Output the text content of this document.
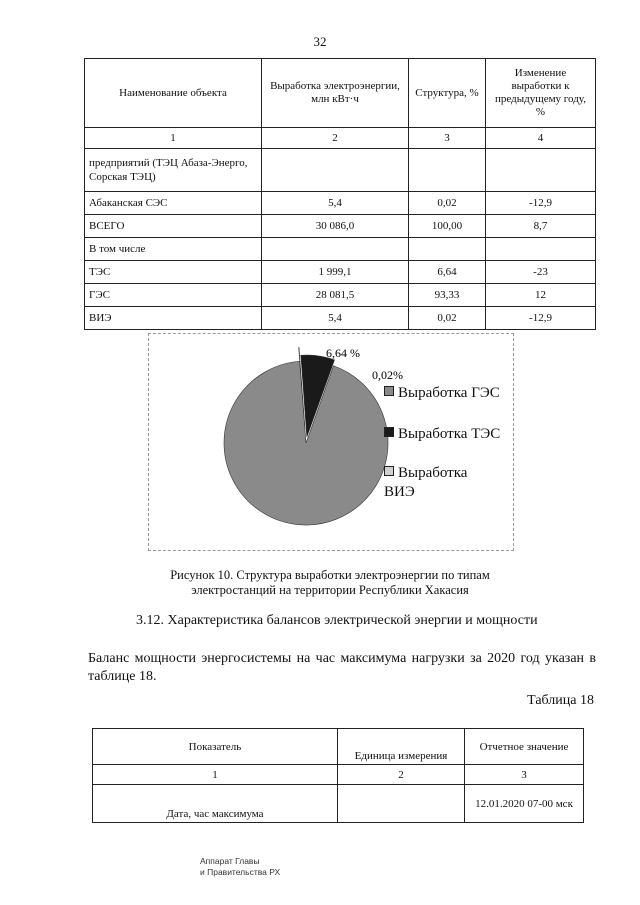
32
Наименование объекта	Выработка электроэнергии, млн кВт·ч	Структура, %	Изменение выработки к предыдущему году, %
1	2	3	4
предприятий (ТЭЦ Абаза-Энерго, Сорская ТЭЦ)			
Абаканская СЭС	5,4	0,02	-12,9
ВСЕГО	30 086,0	100,00	8,7
В том числе			
ТЭС	1 999,1	6,64	-23
ГЭС	28 081,5	93,33	12
ВИЭ	5,4	0,02	-12,9
6,64 %
0,02%
Выработка ГЭС
Выработка ТЭС
Выработка ВИЭ
Рисунок 10. Структура выработки электроэнергии по типам
электростанций на территории Республики Хакасия
3.12. Характеристика балансов электрической энергии и мощности
Баланс мощности энергосистемы на час максимума нагрузки за 2020 год указан в таблице 18.
Таблица 18
Показатель	Единица измерения	Отчетное значение
1	2	3
Дата, час максимума		12.01.2020 07-00 мск
Аппарат Главы
и Правительства РХ
